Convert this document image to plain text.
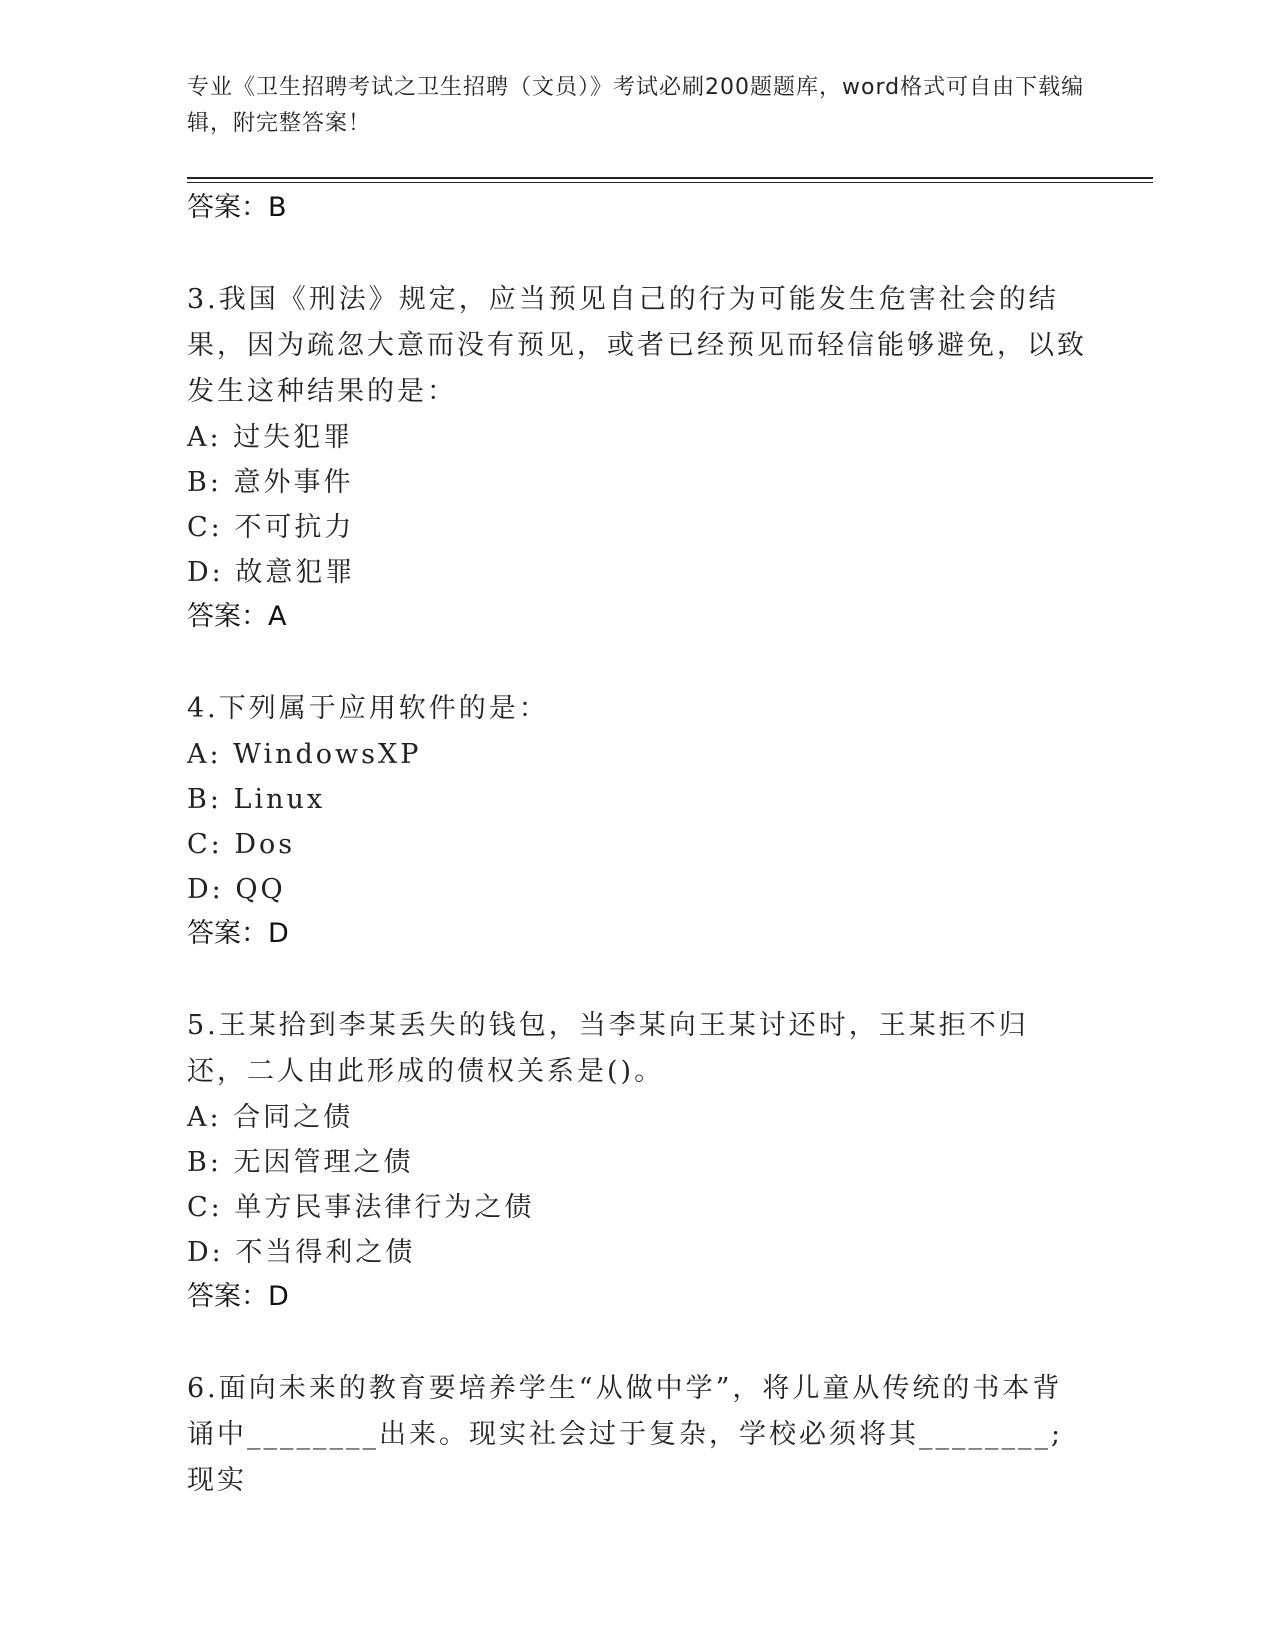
专业《卫生招聘考试之卫生招聘（文员）》考试必刷200题题库，word格式可自由下载编辑，附完整答案！
答案：B
3.我国《刑法》规定，应当预见自己的行为可能发生危害社会的结果，因为疏忽大意而没有预见，或者已经预见而轻信能够避免，以致发生这种结果的是：
A: 过失犯罪
B: 意外事件
C: 不可抗力
D: 故意犯罪
答案：A
4.下列属于应用软件的是：
A: WindowsXP
B: Linux
C: Dos
D: QQ
答案：D
5.王某拾到李某丢失的钱包，当李某向王某讨还时，王某拒不归还，二人由此形成的债权关系是()。
A: 合同之债
B: 无因管理之债
C: 单方民事法律行为之债
D: 不当得利之债
答案：D
6.面向未来的教育要培养学生“从做中学”，将儿童从传统的书本背诵中________出来。现实社会过于复杂，学校必须将其________;现实
